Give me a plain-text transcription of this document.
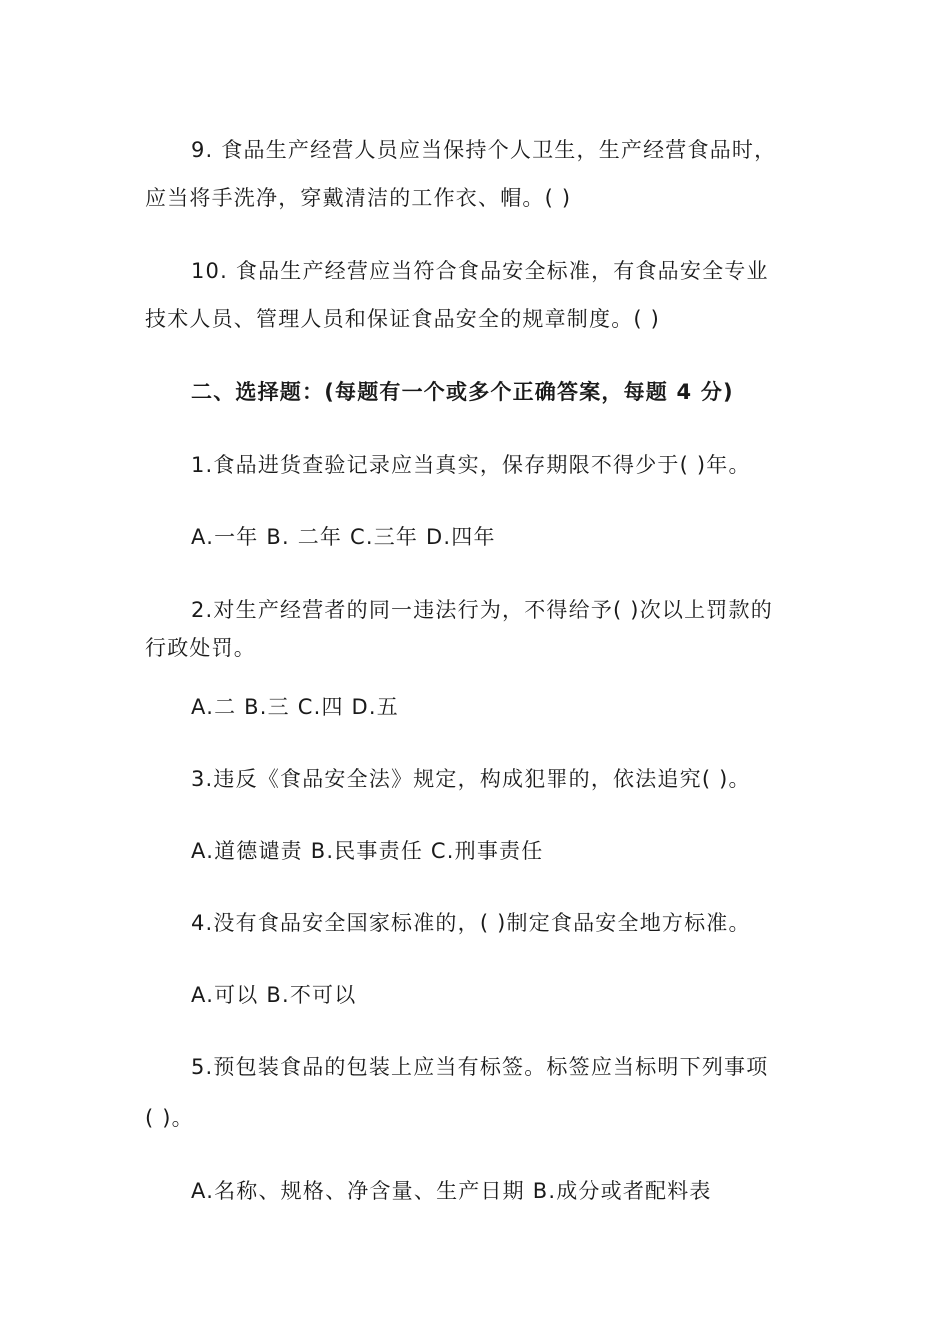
9. 食品生产经营人员应当保持个人卫生，生产经营食品时，
应当将手洗净，穿戴清洁的工作衣、帽。( )
10. 食品生产经营应当符合食品安全标准，有食品安全专业
技术人员、管理人员和保证食品安全的规章制度。( )
二、选择题：(每题有一个或多个正确答案，每题 4 分)
1.食品进货查验记录应当真实，保存期限不得少于( )年。
A.一年 B. 二年 C.三年 D.四年
2.对生产经营者的同一违法行为，不得给予( )次以上罚款的
行政处罚。
A.二 B.三 C.四 D.五
3.违反《食品安全法》规定，构成犯罪的，依法追究( )。
A.道德谴责 B.民事责任 C.刑事责任
4.没有食品安全国家标准的，( )制定食品安全地方标准。
A.可以 B.不可以
5.预包装食品的包装上应当有标签。标签应当标明下列事项
( )。
A.名称、规格、净含量、生产日期 B.成分或者配料表
